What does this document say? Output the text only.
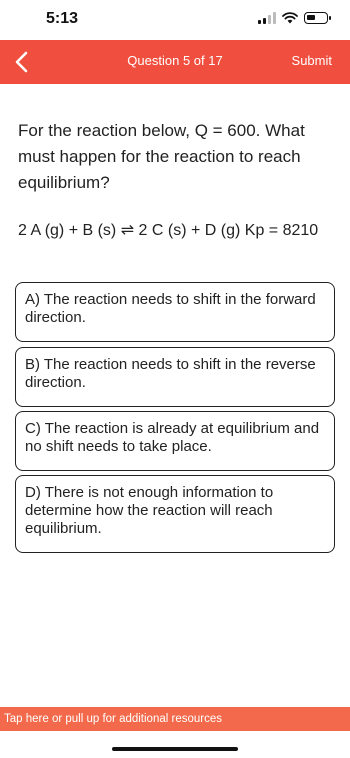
5:13
Question 5 of 17	Submit
For the reaction below, Q = 600. What must happen for the reaction to reach equilibrium?
2 A (g) + B (s) ⇌ 2 C (s) + D (g) Kp = 8210
A) The reaction needs to shift in the forward direction.
B) The reaction needs to shift in the reverse direction.
C) The reaction is already at equilibrium and no shift needs to take place.
D) There is not enough information to determine how the reaction will reach equilibrium.
Tap here or pull up for additional resources
